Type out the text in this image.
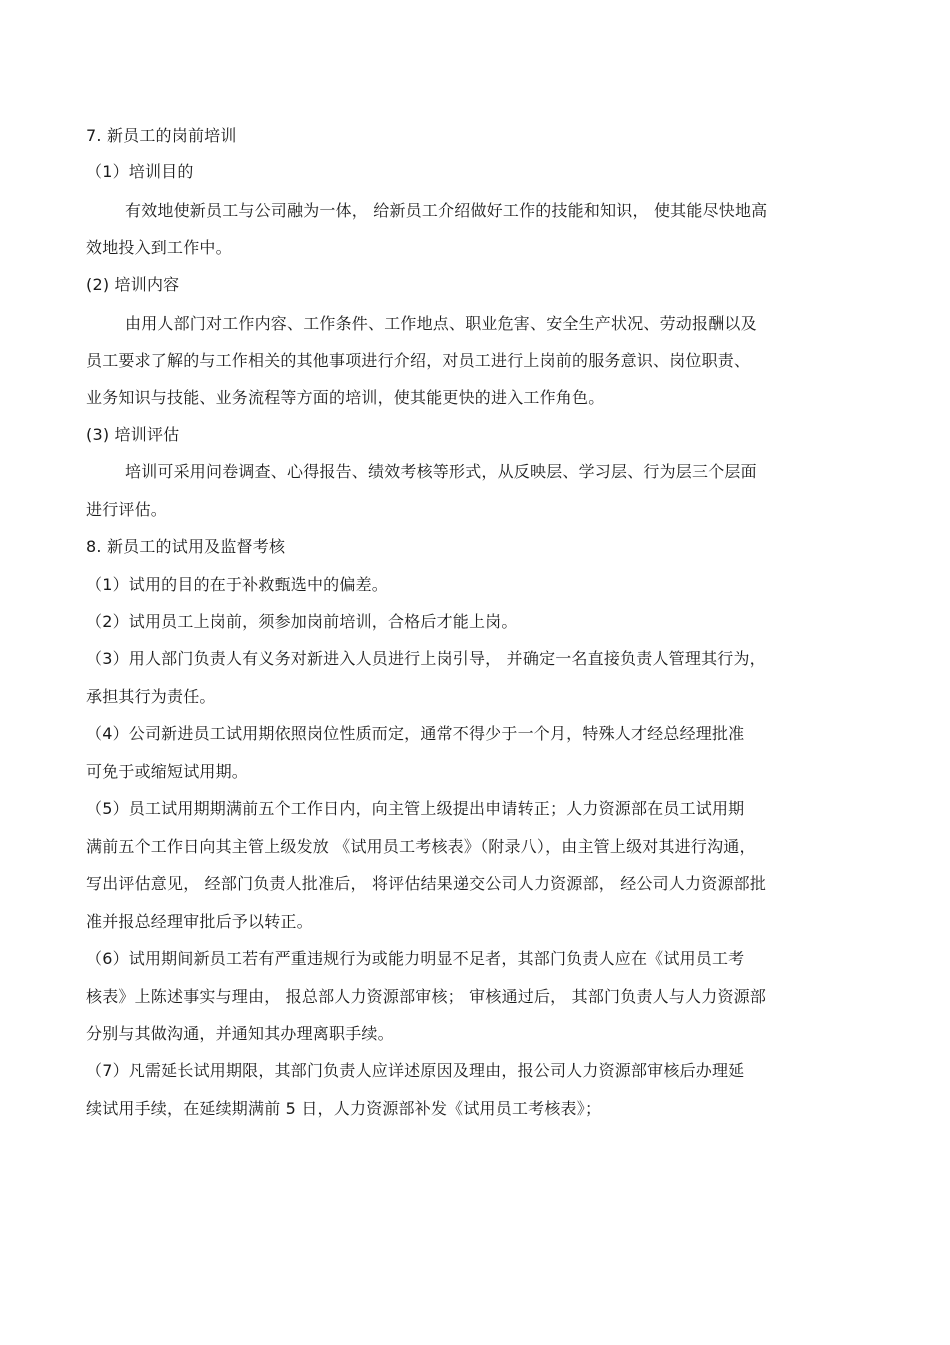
7. 新员工的岗前培训

（1）培训目的

有效地使新员工与公司融为一体， 给新员工介绍做好工作的技能和知识， 使其能尽快地高

效地投入到工作中。

(2) 培训内容

由用人部门对工作内容、工作条件、工作地点、职业危害、安全生产状况、劳动报酬以及

员工要求了解的与工作相关的其他事项进行介绍，对员工进行上岗前的服务意识、岗位职责、

业务知识与技能、业务流程等方面的培训，使其能更快的进入工作角色。

(3) 培训评估

培训可采用问卷调查、心得报告、绩效考核等形式，从反映层、学习层、行为层三个层面

进行评估。

8. 新员工的试用及监督考核

（1）试用的目的在于补救甄选中的偏差。

（2）试用员工上岗前，须参加岗前培训，合格后才能上岗。

（3）用人部门负责人有义务对新进入人员进行上岗引导， 并确定一名直接负责人管理其行为，

承担其行为责任。

（4）公司新进员工试用期依照岗位性质而定，通常不得少于一个月，特殊人才经总经理批准

可免于或缩短试用期。

（5）员工试用期期满前五个工作日内，向主管上级提出申请转正；人力资源部在员工试用期

满前五个工作日向其主管上级发放 《试用员工考核表》（附录八），由主管上级对其进行沟通，

写出评估意见， 经部门负责人批准后， 将评估结果递交公司人力资源部， 经公司人力资源部批

准并报总经理审批后予以转正。

（6）试用期间新员工若有严重违规行为或能力明显不足者，其部门负责人应在《试用员工考

核表》上陈述事实与理由， 报总部人力资源部审核； 审核通过后， 其部门负责人与人力资源部

分别与其做沟通，并通知其办理离职手续。

（7）凡需延长试用期限，其部门负责人应详述原因及理由，报公司人力资源部审核后办理延

续试用手续，在延续期满前 5 日，人力资源部补发《试用员工考核表》；
